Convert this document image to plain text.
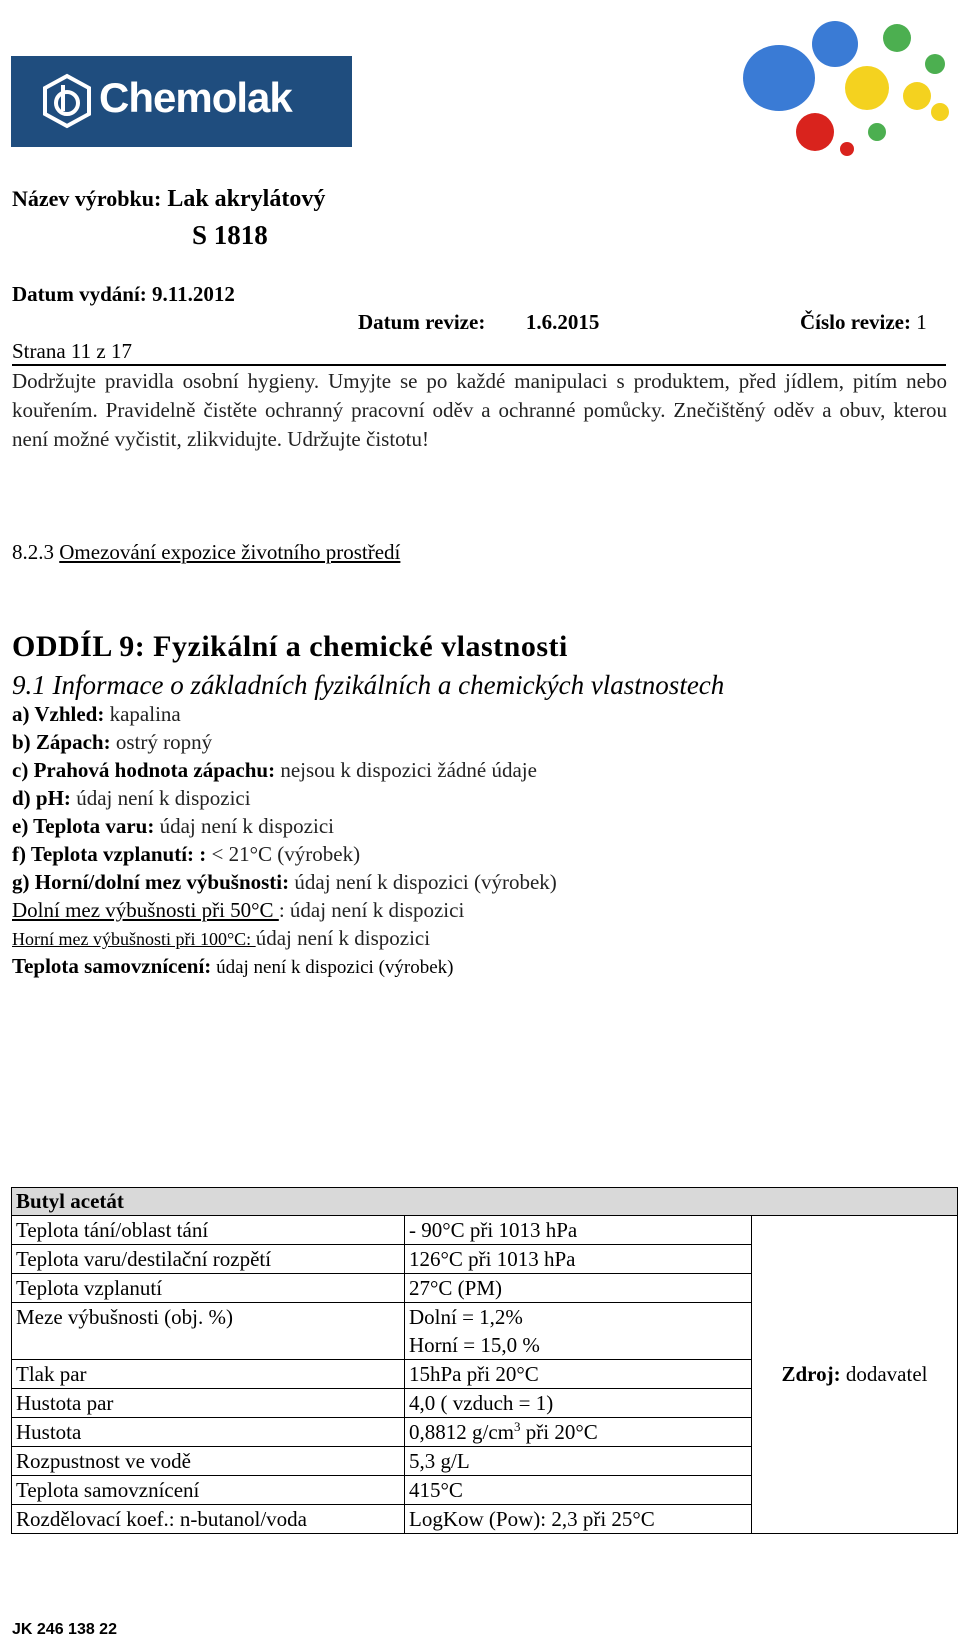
Chemolak
Název výrobku: Lak akrylátový
S 1818
Datum vydání: 9.11.2012
Datum revize: 1.6.2015	Číslo revize: 1
Strana 11 z 17
Dodržujte pravidla osobní hygieny. Umyjte se po každé manipulaci s produktem, před jídlem, pitím nebo kouřením. Pravidelně čistěte ochranný pracovní oděv a ochranné pomůcky. Znečištěný oděv a obuv, kterou není možné vyčistit, zlikvidujte. Udržujte čistotu!
8.2.3 Omezování expozice životního prostředí
ODDÍL 9: Fyzikální a chemické vlastnosti
9.1 Informace o základních fyzikálních a chemických vlastnostech
a) Vzhled: kapalina
b) Zápach: ostrý ropný
c) Prahová hodnota zápachu: nejsou k dispozici žádné údaje
d) pH: údaj není k dispozici
e) Teplota varu: údaj není k dispozici
f) Teplota vzplanutí: : < 21°C (výrobek)
g) Horní/dolní mez výbušnosti: údaj není k dispozici (výrobek)
Dolní mez výbušnosti při 50°C : údaj není k dispozici
Horní mez výbušnosti při 100°C: údaj není k dispozici
Teplota samovznícení: údaj není k dispozici (výrobek)
Butyl acetát		
Teplota tání/oblast tání	- 90°C při 1013 hPa	Zdroj: dodavatel
Teplota varu/destilační rozpětí	126°C při 1013 hPa	
Teplota vzplanutí	27°C (PM)	
Meze výbušnosti (obj. %)	Dolní = 1,2%	
	Horní = 15,0 %	
Tlak par	15hPa při 20°C	
Hustota par	4,0 ( vzduch = 1)	
Hustota	0,8812 $g/cm^3$ při 20°C	
Rozpustnost ve vodě	5,3 g/L	
Teplota samovznícení	415°C	
Rozdělovací koef.: n-butanol/voda	LogKow (Pow): 2,3 při 25°C	
JK 246 138 22
